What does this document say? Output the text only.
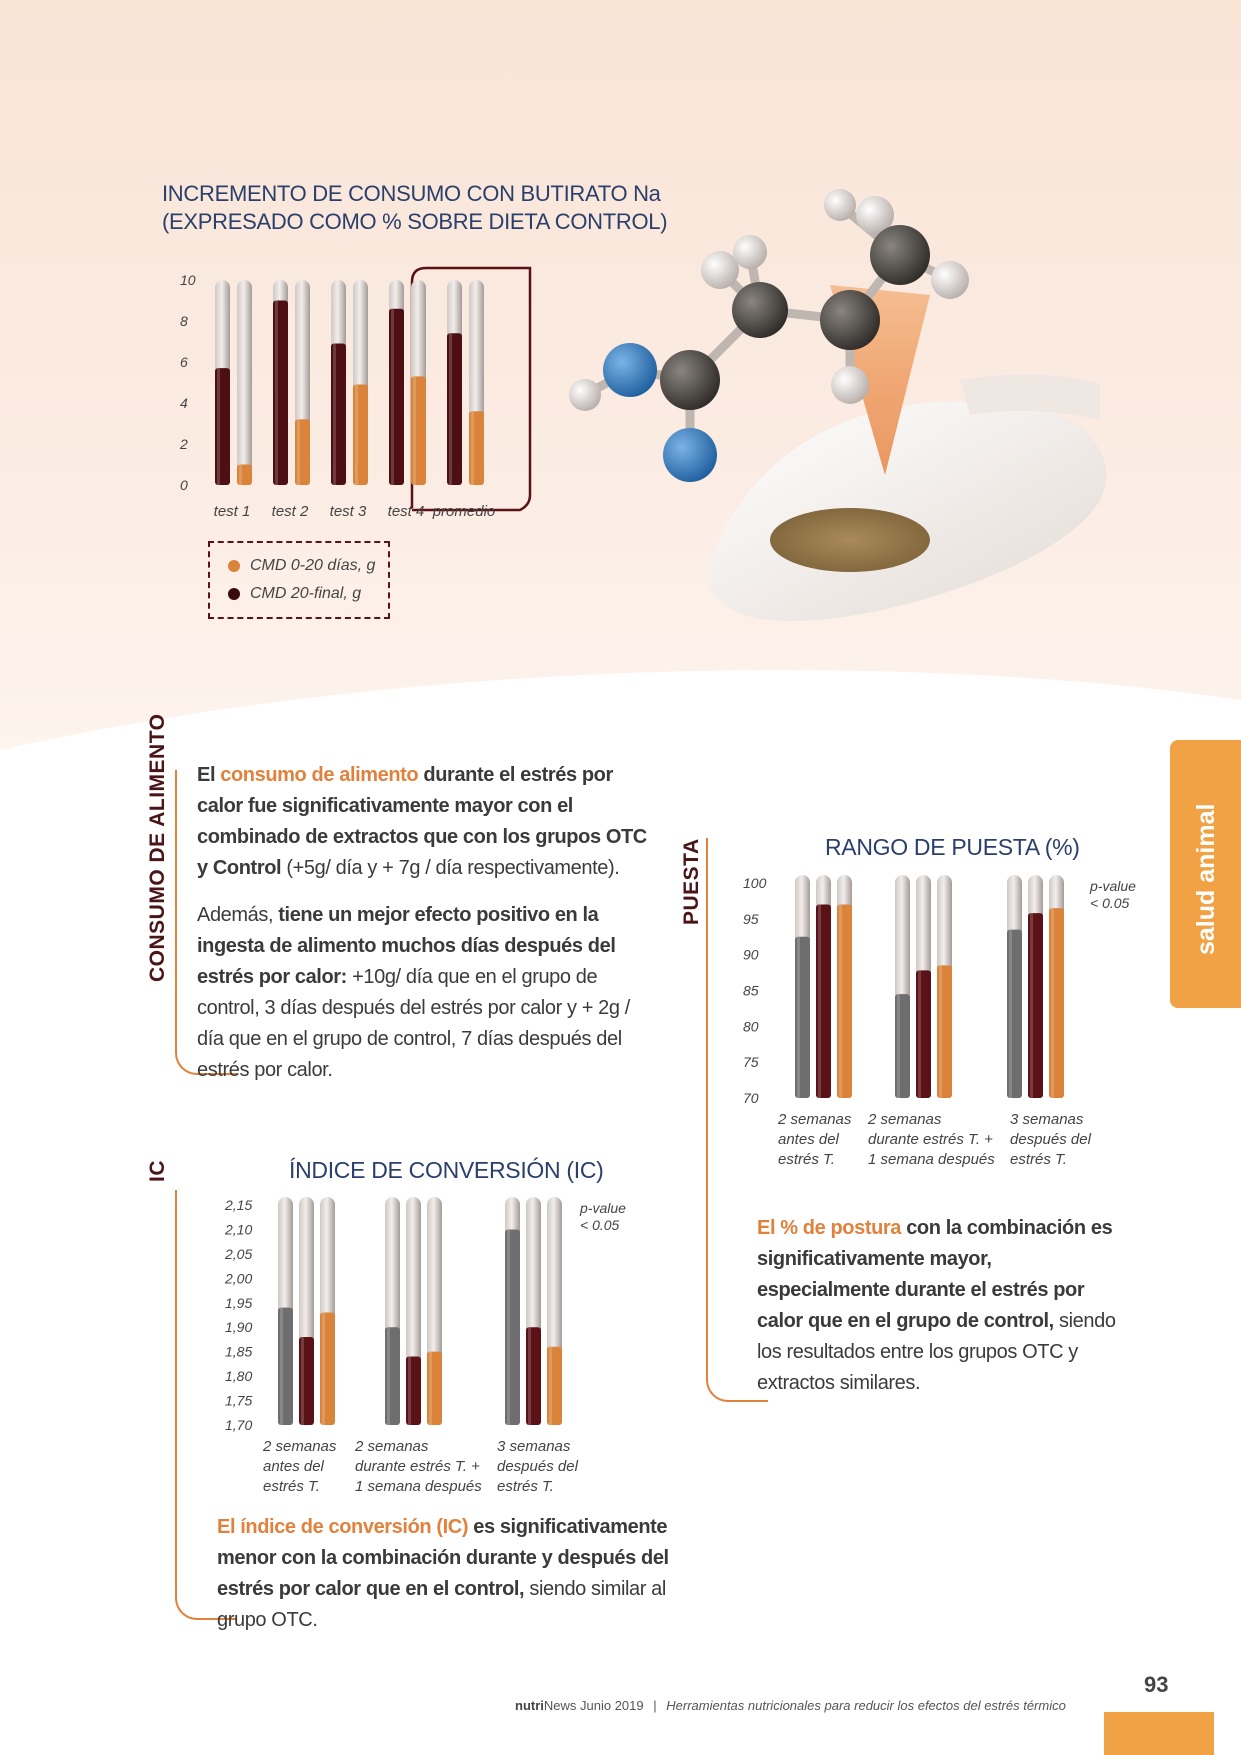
INCREMENTO DE CONSUMO CON BUTIRATO Na
(EXPRESADO COMO % SOBRE DIETA CONTROL)
0
2
4
6
8
10
test 1 test 2 test 3 test 4 promedio
CMD 0-20 días, g
CMD 20-final, g
CONSUMO DE ALIMENTO El consumo de alimento durante el estrés por calor fue significativamente mayor con el combinado de extractos que con los grupos OTC y Control (+5g/ día y + 7g / día respectivamente).
Además, tiene un mejor efecto positivo en la ingesta de alimento muchos días después del estrés por calor: +10g/ día que en el grupo de control, 3 días después del estrés por calor y + 2g / día que en el grupo de control, 7 días después del estrés por calor.
PUESTA	RANGO DE PUESTA (%)
70
75
80
85
90
95
100
2 semanas
antes del
estrés T.
2 semanas
durante estrés T. +
1 semana después
3 semanas
después del
estrés T.
p-value
< 0.05
El % de postura con la combinación es significativamente mayor, especialmente durante el estrés por calor que en el grupo de control, siendo los resultados entre los grupos OTC y extractos similares.
IC	ÍNDICE DE CONVERSIÓN (IC)
1,70
1,75
1,80
1,85
1,90
1,95
2,00
2,05
2,10
2,15
2 semanas
antes del
estrés T.
2 semanas
durante estrés T. +
1 semana después
3 semanas
después del
estrés T.
p-value
< 0.05
El índice de conversión (IC) es significativamente menor con la combinación durante y después del estrés por calor que en el control, siendo similar al grupo OTC.
salud animal
93
nutriNews Junio 2019 | Herramientas nutricionales para reducir los efectos del estrés térmico
